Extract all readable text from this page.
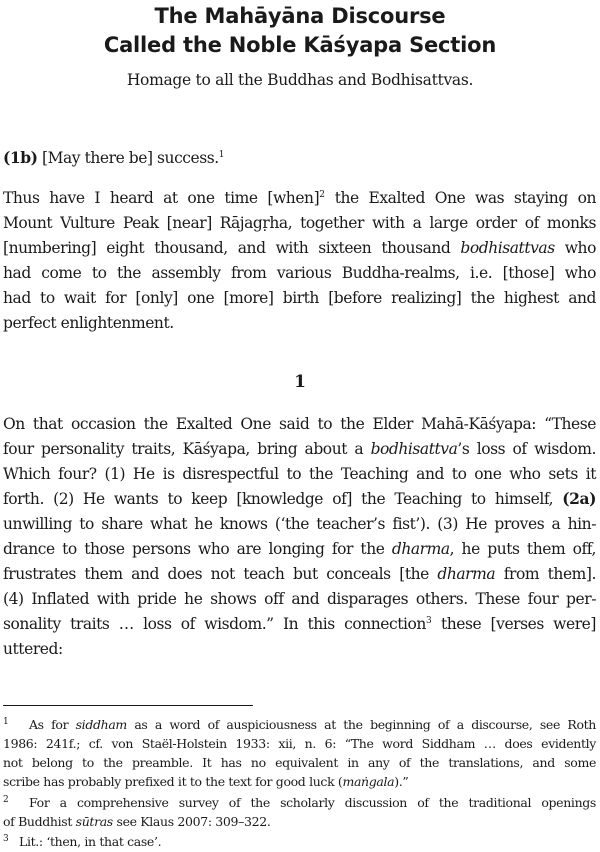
The Mahāyāna Discourse
Called the Noble Kāśyapa Section
Homage to all the Buddhas and Bodhisattvas.
(1b) [May there be] success.$^1$
Thus have I heard at one time [when]$^2$ the Exalted One was staying on
Mount Vulture Peak [near] Rājagṛha, together with a large order of monks
[numbering] eight thousand, and with sixteen thousand bodhisattvas who
had come to the assembly from various Buddha-realms, i.e. [those] who
had to wait for [only] one [more] birth [before realizing] the highest and
perfect enlightenment.
1
On that occasion the Exalted One said to the Elder Mahā-Kāśyapa: “These
four personality traits, Kāśyapa, bring about a bodhisattva’s loss of wisdom.
Which four? (1) He is disrespectful to the Teaching and to one who sets it
forth. (2) He wants to keep [knowledge of] the Teaching to himself, (2a)
unwilling to share what he knows (‘the teacher’s fist’). (3) He proves a hin-
drance to those persons who are longing for the dharma, he puts them off,
frustrates them and does not teach but conceals [the dharma from them].
(4) Inflated with pride he shows off and disparages others. These four per-
sonality traits … loss of wisdom.” In this connection$^3$ these [verses were]
uttered:
1 As for siddham as a word of auspiciousness at the beginning of a discourse, see Roth
1986: 241f.; cf. von Staël-Holstein 1933: xii, n. 6: “The word Siddham … does evidently
not belong to the preamble. It has no equivalent in any of the translations, and some
scribe has probably prefixed it to the text for good luck (maṅgala).”
2 For a comprehensive survey of the scholarly discussion of the traditional openings
of Buddhist sūtras see Klaus 2007: 309–322.
3 Lit.: ‘then, in that case’.
